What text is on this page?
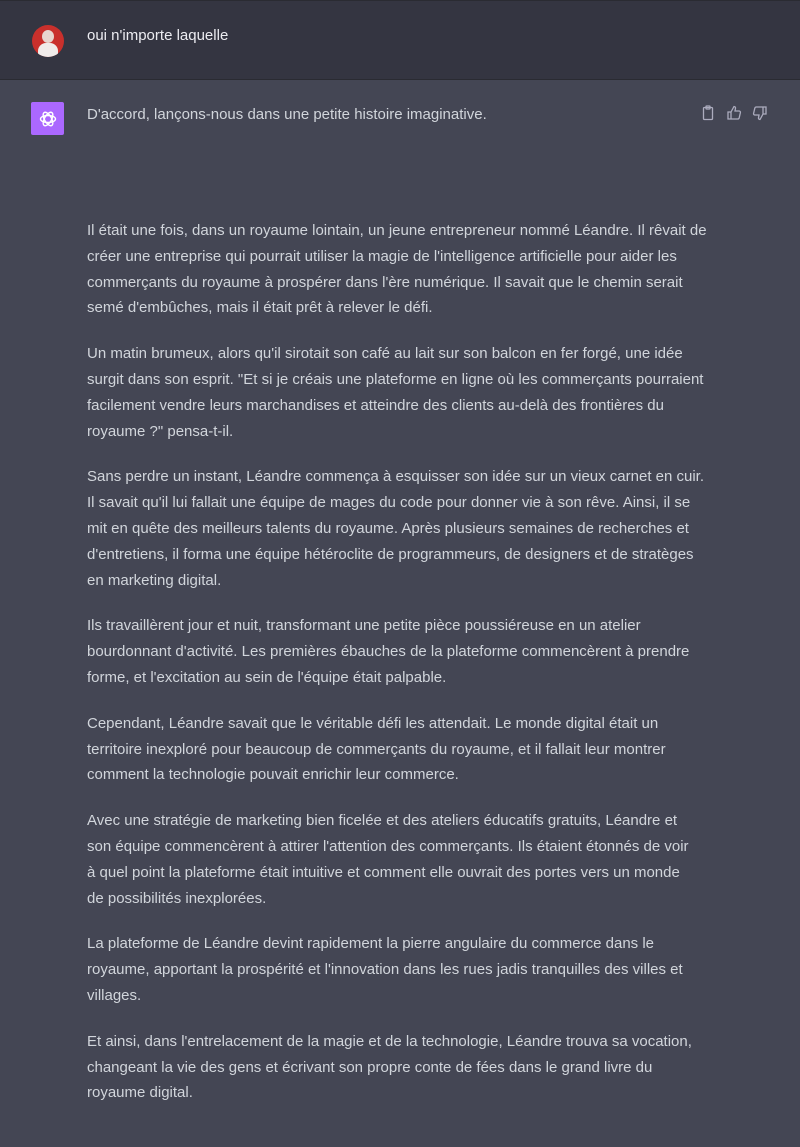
oui n'importe laquelle
D'accord, lançons-nous dans une petite histoire imaginative.

Il était une fois, dans un royaume lointain, un jeune entrepreneur nommé Léandre. Il rêvait de
créer une entreprise qui pourrait utiliser la magie de l'intelligence artificielle pour aider les
commerçants du royaume à prospérer dans l'ère numérique. Il savait que le chemin serait
semé d'embûches, mais il était prêt à relever le défi.

Un matin brumeux, alors qu'il sirotait son café au lait sur son balcon en fer forgé, une idée
surgit dans son esprit. "Et si je créais une plateforme en ligne où les commerçants pourraient
facilement vendre leurs marchandises et atteindre des clients au-delà des frontières du
royaume ?" pensa-t-il.

Sans perdre un instant, Léandre commença à esquisser son idée sur un vieux carnet en cuir.
Il savait qu'il lui fallait une équipe de mages du code pour donner vie à son rêve. Ainsi, il se
mit en quête des meilleurs talents du royaume. Après plusieurs semaines de recherches et
d'entretiens, il forma une équipe hétéroclite de programmeurs, de designers et de stratèges
en marketing digital.

Ils travaillèrent jour et nuit, transformant une petite pièce poussiéreuse en un atelier
bourdonnant d'activité. Les premières ébauches de la plateforme commencèrent à prendre
forme, et l'excitation au sein de l'équipe était palpable.

Cependant, Léandre savait que le véritable défi les attendait. Le monde digital était un
territoire inexploré pour beaucoup de commerçants du royaume, et il fallait leur montrer
comment la technologie pouvait enrichir leur commerce.

Avec une stratégie de marketing bien ficelée et des ateliers éducatifs gratuits, Léandre et
son équipe commencèrent à attirer l'attention des commerçants. Ils étaient étonnés de voir
à quel point la plateforme était intuitive et comment elle ouvrait des portes vers un monde
de possibilités inexplorées.

La plateforme de Léandre devint rapidement la pierre angulaire du commerce dans le
royaume, apportant la prospérité et l'innovation dans les rues jadis tranquilles des villes et
villages.

Et ainsi, dans l'entrelacement de la magie et de la technologie, Léandre trouva sa vocation,
changeant la vie des gens et écrivant son propre conte de fées dans le grand livre du
royaume digital.
